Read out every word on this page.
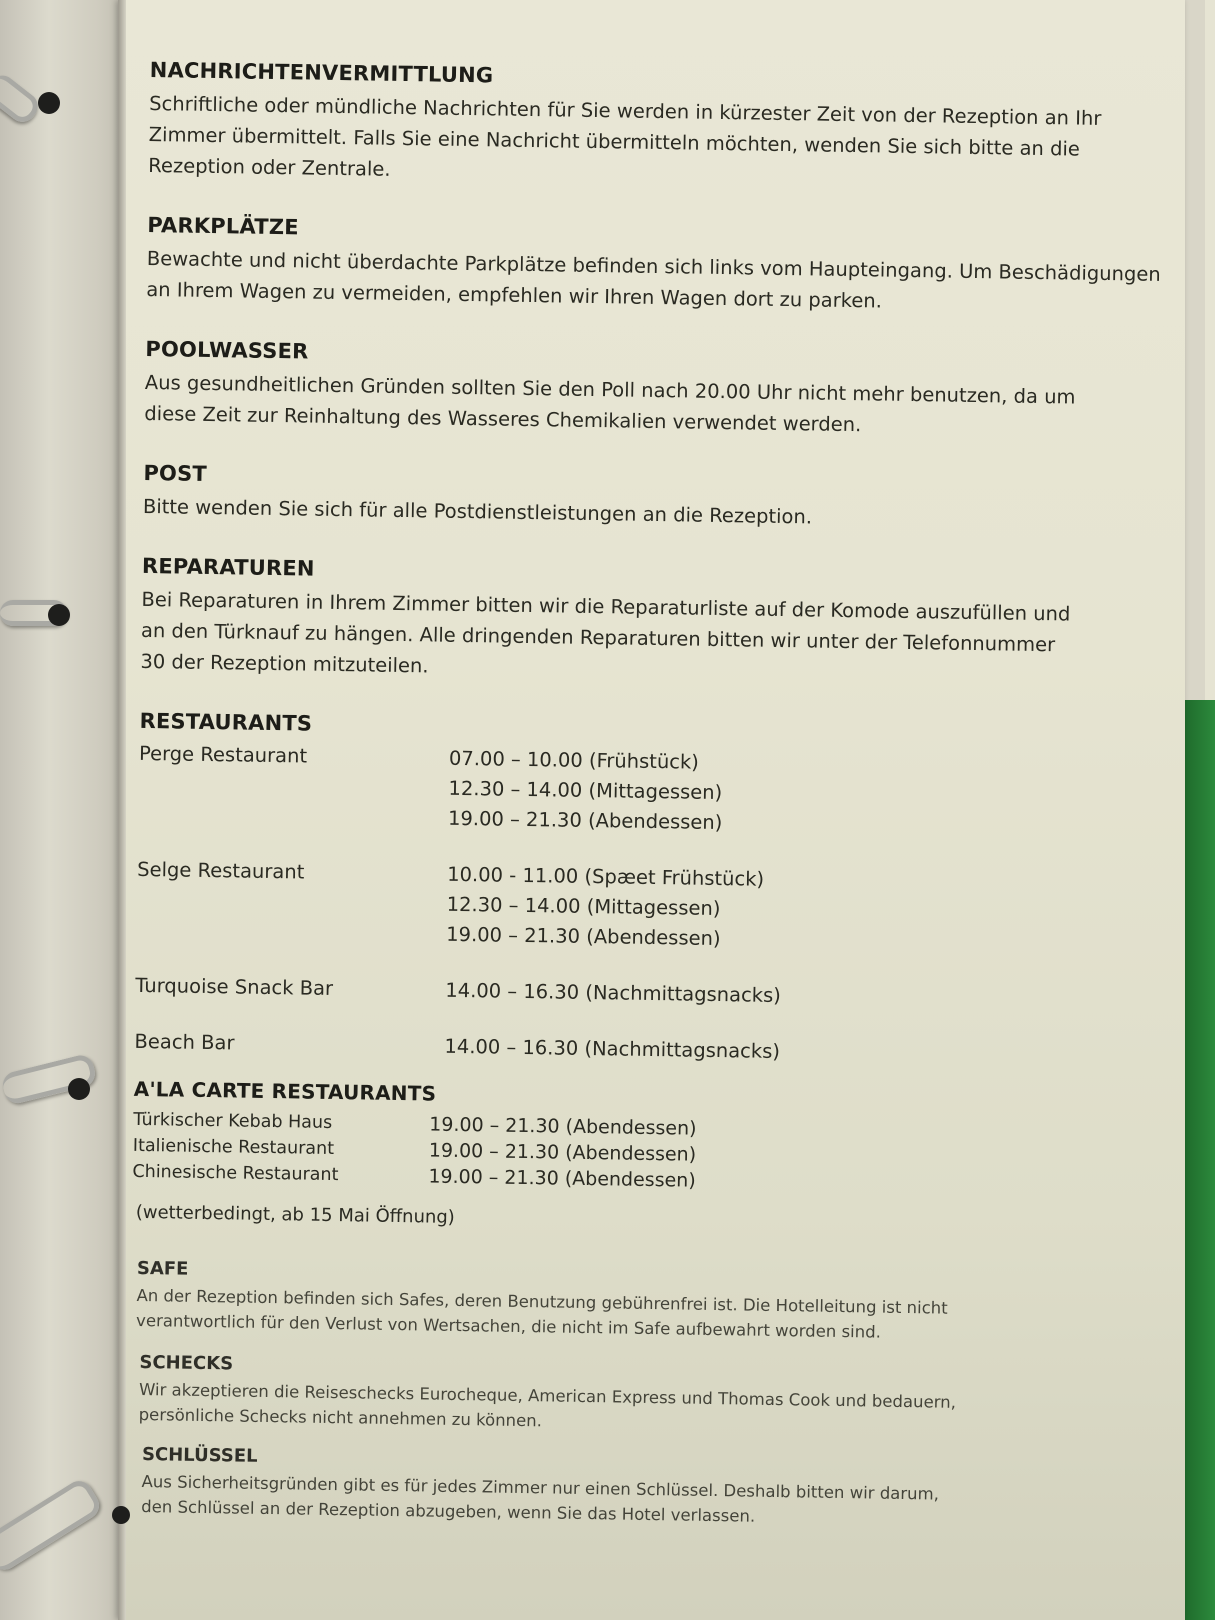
NACHRICHTENVERMITTLUNG

Schriftliche oder mündliche Nachrichten für Sie werden in kürzester Zeit von der Rezeption an Ihr

Zimmer übermittelt. Falls Sie eine Nachricht übermitteln möchten, wenden Sie sich bitte an die

Rezeption oder Zentrale.

PARKPLÄTZE

Bewachte und nicht überdachte Parkplätze befinden sich links vom Haupteingang. Um Beschädigungen

an Ihrem Wagen zu vermeiden, empfehlen wir Ihren Wagen dort zu parken.

POOLWASSER

Aus gesundheitlichen Gründen sollten Sie den Poll nach 20.00 Uhr nicht mehr benutzen, da um

diese Zeit zur Reinhaltung des Wasseres Chemikalien verwendet werden.

POST

Bitte wenden Sie sich für alle Postdienstleistungen an die Rezeption.

REPARATUREN

Bei Reparaturen in Ihrem Zimmer bitten wir die Reparaturliste auf der Komode auszufüllen und

an den Türknauf zu hängen. Alle dringenden Reparaturen bitten wir unter der Telefonnummer

30 der Rezeption mitzuteilen.

RESTAURANTS
Perge Restaurant	07.00 – 10.00 (Frühstück)
12.30 – 14.00 (Mittagessen)
19.00 – 21.30 (Abendessen)
Selge Restaurant	10.00 - 11.00 (Spæet Frühstück)
12.30 – 14.00 (Mittagessen)
19.00 – 21.30 (Abendessen)
Turquoise Snack Bar	14.00 – 16.30 (Nachmittagsnacks)
Beach Bar	14.00 – 16.30 (Nachmittagsnacks)
A'LA CARTE RESTAURANTS
Türkischer Kebab Haus	19.00 – 21.30 (Abendessen)
Italienische Restaurant	19.00 – 21.30 (Abendessen)
Chinesische Restaurant	19.00 – 21.30 (Abendessen)
(wetterbedingt, ab 15 Mai Öffnung)
SAFE

An der Rezeption befinden sich Safes, deren Benutzung gebührenfrei ist. Die Hotelleitung ist nicht

verantwortlich für den Verlust von Wertsachen, die nicht im Safe aufbewahrt worden sind.

SCHECKS

Wir akzeptieren die Reiseschecks Eurocheque, American Express und Thomas Cook und bedauern,

persönliche Schecks nicht annehmen zu können.

SCHLÜSSEL

Aus Sicherheitsgründen gibt es für jedes Zimmer nur einen Schlüssel. Deshalb bitten wir darum,

den Schlüssel an der Rezeption abzugeben, wenn Sie das Hotel verlassen.
